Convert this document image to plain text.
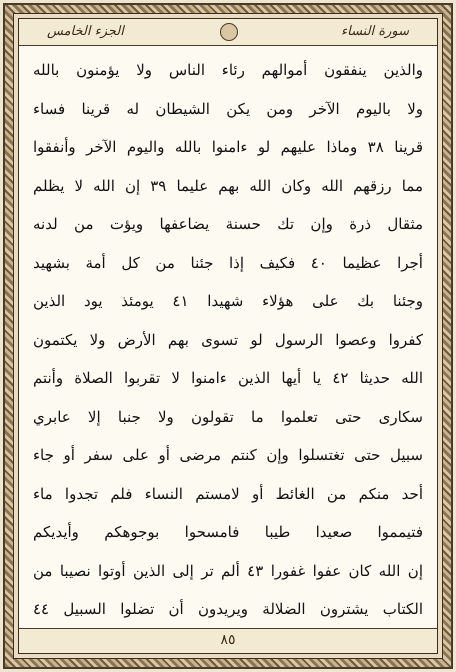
الجزء الخامس	سورة النساء
والذين ينفقون أموالهم رئاء الناس ولا يؤمنون بالله
ولا باليوم الآخر ومن يكن الشيطان له قرينا فساء
قرينا ٣٨ وماذا عليهم لو ءامنوا بالله واليوم الآخر وأنفقوا
مما رزقهم الله وكان الله بهم عليما ٣٩ إن الله لا يظلم
مثقال ذرة وإن تك حسنة يضاعفها ويؤت من لدنه
أجرا عظيما ٤٠ فكيف إذا جئنا من كل أمة بشهيد
وجئنا بك على هؤلاء شهيدا ٤١ يومئذ يود الذين
كفروا وعصوا الرسول لو تسوى بهم الأرض ولا يكتمون
الله حديثا ٤٢ يا أيها الذين ءامنوا لا تقربوا الصلاة وأنتم
سكارى حتى تعلموا ما تقولون ولا جنبا إلا عابري
سبيل حتى تغتسلوا وإن كنتم مرضى أو على سفر أو جاء
أحد منكم من الغائط أو لامستم النساء فلم تجدوا ماء
فتيمموا صعيدا طيبا فامسحوا بوجوهكم وأيديكم
إن الله كان عفوا غفورا ٤٣ ألم تر إلى الذين أوتوا نصيبا من
الكتاب يشترون الضلالة ويريدون أن تضلوا السبيل ٤٤
٨٥
